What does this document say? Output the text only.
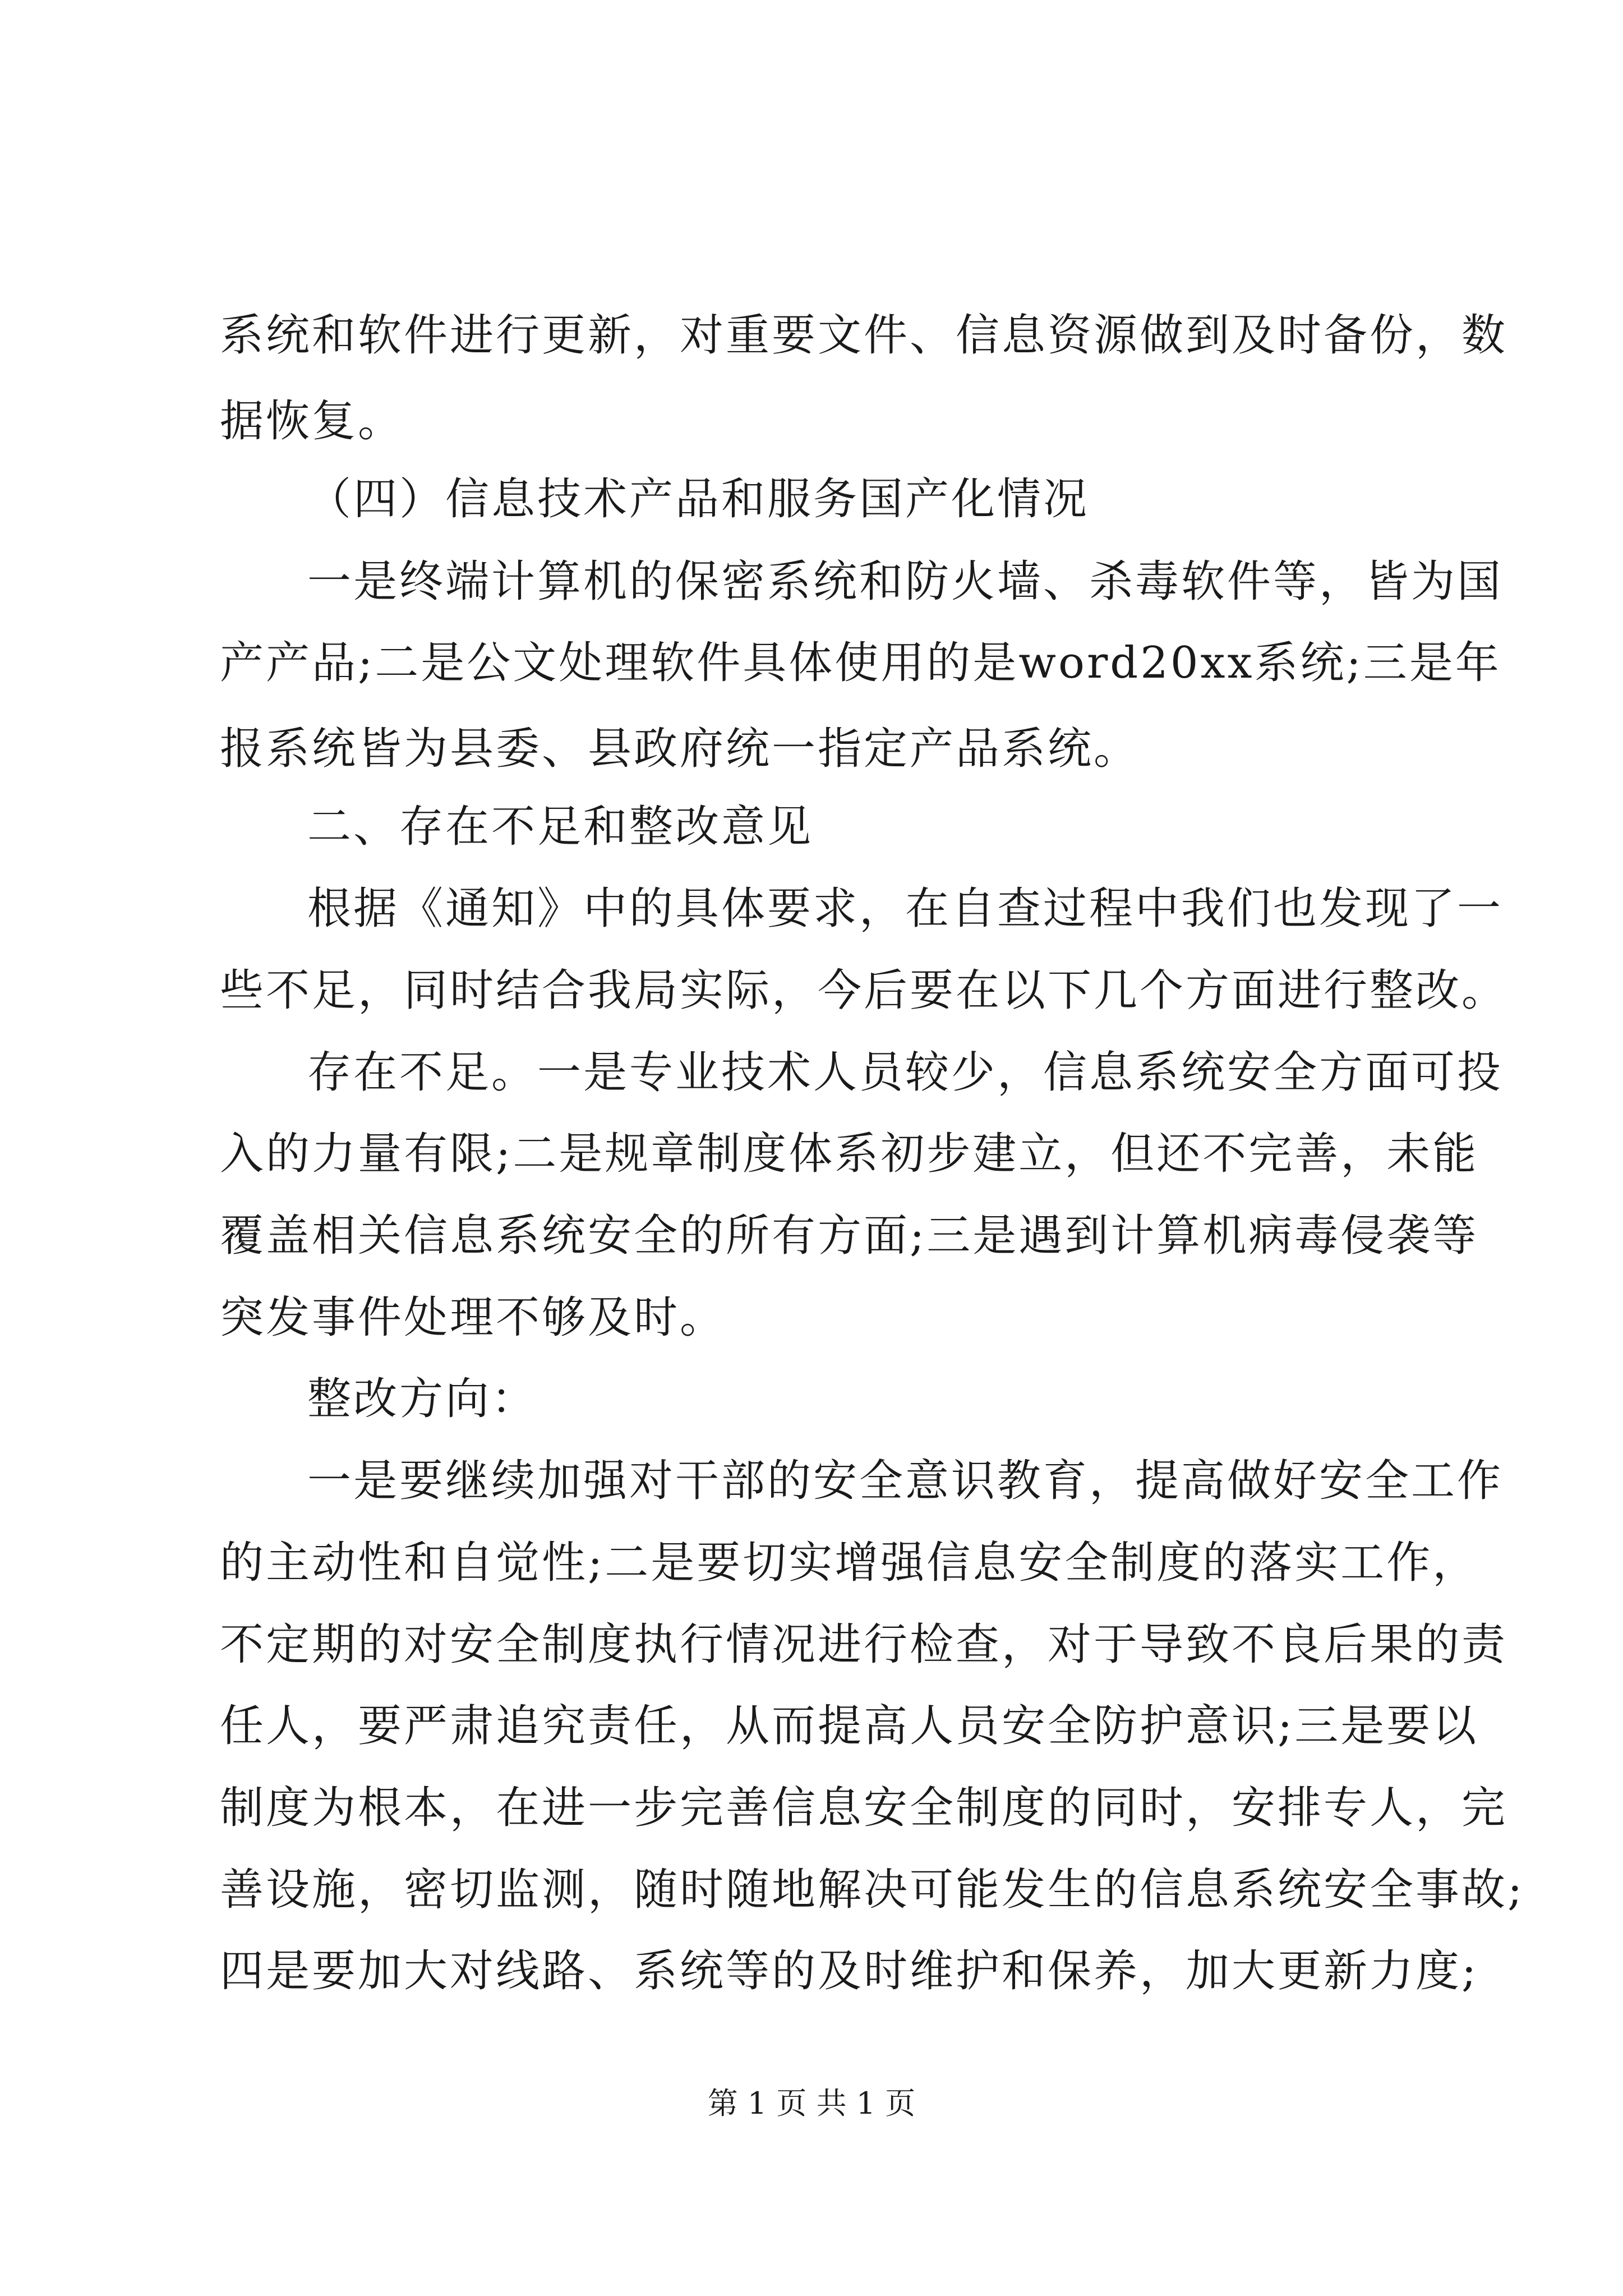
系统和软件进行更新，对重要文件、信息资源做到及时备份，数
据恢复。
（四）信息技术产品和服务国产化情况
一是终端计算机的保密系统和防火墙、杀毒软件等，皆为国
产产品;二是公文处理软件具体使用的是word20xx系统;三是年
报系统皆为县委、县政府统一指定产品系统。
二、存在不足和整改意见
根据《通知》中的具体要求，在自查过程中我们也发现了一
些不足，同时结合我局实际，今后要在以下几个方面进行整改。
存在不足。一是专业技术人员较少，信息系统安全方面可投
入的力量有限;二是规章制度体系初步建立，但还不完善，未能
覆盖相关信息系统安全的所有方面;三是遇到计算机病毒侵袭等
突发事件处理不够及时。
整改方向：
一是要继续加强对干部的安全意识教育，提高做好安全工作
的主动性和自觉性;二是要切实增强信息安全制度的落实工作，
不定期的对安全制度执行情况进行检查，对于导致不良后果的责
任人，要严肃追究责任，从而提高人员安全防护意识;三是要以
制度为根本，在进一步完善信息安全制度的同时，安排专人，完
善设施，密切监测，随时随地解决可能发生的信息系统安全事故;
四是要加大对线路、系统等的及时维护和保养，加大更新力度;
第 1 页 共 1 页
